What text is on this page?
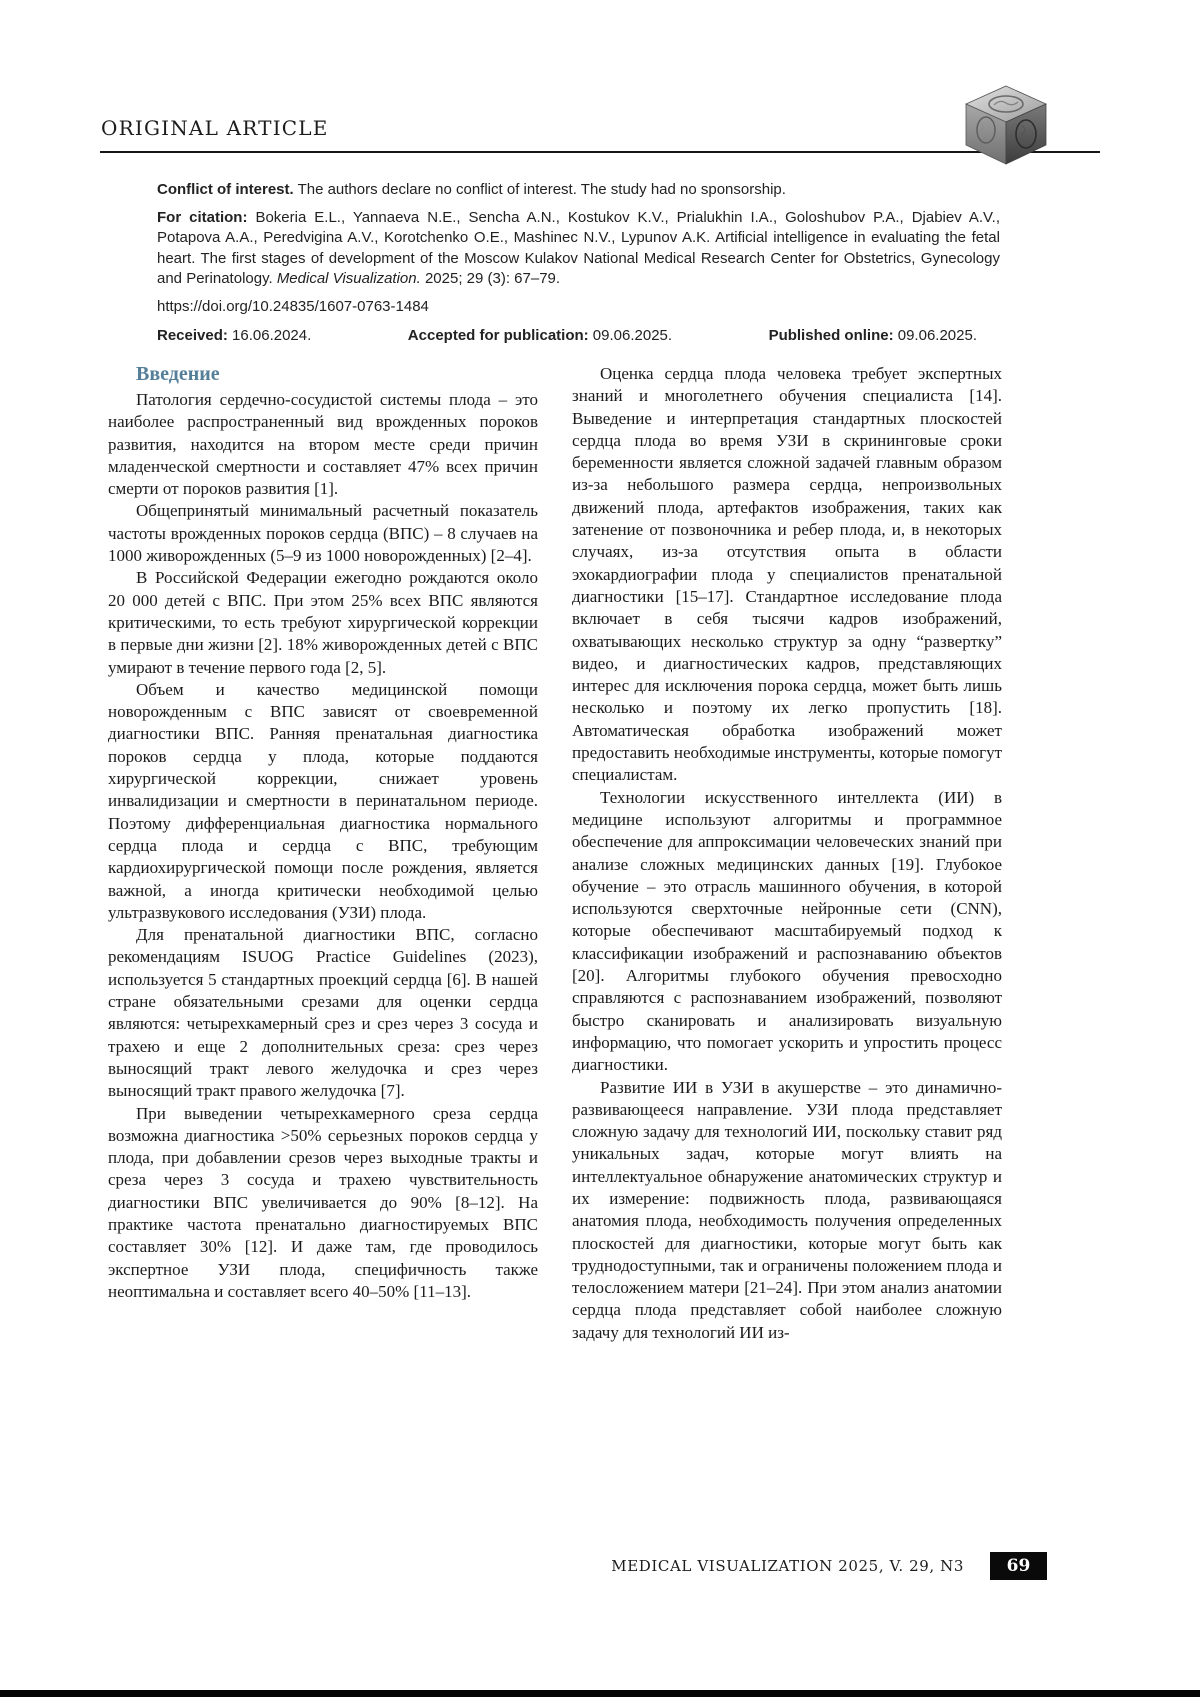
ORIGINAL ARTICLE

Conflict of interest. The authors declare no conflict of interest. The study had no sponsorship.

For citation: Bokeria E.L., Yannaeva N.E., Sencha A.N., Kostukov K.V., Prialukhin I.A., Goloshubov P.A., Djabiev A.V., Potapova A.A., Peredvigina A.V., Korotchenko O.E., Mashinec N.V., Lypunov A.K. Artificial intelligence in evaluating the fetal heart. The first stages of development of the Moscow Kulakov National Medical Research Center for Obstetrics, Gynecology and Perinatology. Medical Visualization. 2025; 29 (3): 67–79.

https://doi.org/10.24835/1607-0763-1484

Received: 16.06.2024.	Accepted for publication: 09.06.2025.	Published online: 09.06.2025.
Введение

Патология сердечно-сосудистой системы плода – это наиболее распространенный вид врожденных пороков развития, находится на втором месте среди причин младенческой смертности и составляет 47% всех причин смерти от пороков развития [1].

Общепринятый минимальный расчетный показатель частоты врожденных пороков сердца (ВПС) – 8 случаев на 1000 живорожденных (5–9 из 1000 новорожденных) [2–4].

В Российской Федерации ежегодно рождаются около 20 000 детей с ВПС. При этом 25% всех ВПС являются критическими, то есть требуют хирургической коррекции в первые дни жизни [2]. 18% живорожденных детей с ВПС умирают в течение первого года [2, 5].

Объем и качество медицинской помощи новорожденным с ВПС зависят от своевременной диагностики ВПС. Ранняя пренатальная диагностика пороков сердца у плода, которые поддаются хирургической коррекции, снижает уровень инвалидизации и смертности в перинатальном периоде. Поэтому дифференциальная диагностика нормального сердца плода и сердца с ВПС, требующим кардиохирургической помощи после рождения, является важной, а иногда критически необходимой целью ультразвукового исследования (УЗИ) плода.

Для пренатальной диагностики ВПС, согласно рекомендациям ISUOG Practice Guidelines (2023), используется 5 стандартных проекций сердца [6]. В нашей стране обязательными срезами для оценки сердца являются: четырехкамерный срез и срез через 3 сосуда и трахею и еще 2 дополнительных среза: срез через выносящий тракт левого желудочка и срез через выносящий тракт правого желудочка [7].

При выведении четырехкамерного среза сердца возможна диагностика >50% серьезных пороков сердца у плода, при добавлении срезов через выходные тракты и среза через 3 сосуда и трахею чувствительность диагностики ВПС увеличивается до 90% [8–12]. На практике частота пренатально диагностируемых ВПС составляет 30% [12]. И даже там, где проводилось экспертное УЗИ плода, специфичность также неоптимальна и составляет всего 40–50% [11–13].

Оценка сердца плода человека требует экспертных знаний и многолетнего обучения специалиста [14]. Выведение и интерпретация стандартных плоскостей сердца плода во время УЗИ в скрининговые сроки беременности является сложной задачей главным образом из-за небольшого размера сердца, непроизвольных движений плода, артефактов изображения, таких как затенение от позвоночника и ребер плода, и, в некоторых случаях, из-за отсутствия опыта в области эхокардиографии плода у специалистов пренатальной диагностики [15–17]. Стандартное исследование плода включает в себя тысячи кадров изображений, охватывающих несколько структур за одну “развертку” видео, и диагностических кадров, представляющих интерес для исключения порока сердца, может быть лишь несколько и поэтому их легко пропустить [18]. Автоматическая обработка изображений может предоставить необходимые инструменты, которые помогут специалистам.

Технологии искусственного интеллекта (ИИ) в медицине используют алгоритмы и программное обеспечение для аппроксимации человеческих знаний при анализе сложных медицинских данных [19]. Глубокое обучение – это отрасль машинного обучения, в которой используются сверхточные нейронные сети (CNN), которые обеспечивают масштабируемый подход к классификации изображений и распознаванию объектов [20]. Алгоритмы глубокого обучения превосходно справляются с распознаванием изображений, позволяют быстро сканировать и анализировать визуальную информацию, что помогает ускорить и упростить процесс диагностики.

Развитие ИИ в УЗИ в акушерстве – это динамично-развивающееся направление. УЗИ плода представляет сложную задачу для технологий ИИ, поскольку ставит ряд уникальных задач, которые могут влиять на интеллектуальное обнаружение анатомических структур и их измерение: подвижность плода, развивающаяся анатомия плода, необходимость получения определенных плоскостей для диагностики, которые могут быть как труднодоступными, так и ограничены положением плода и телосложением матери [21–24]. При этом анализ анатомии сердца плода представляет собой наиболее сложную задачу для технологий ИИ из-

MEDICAL VISUALIZATION 2025, V. 29, N3	69
